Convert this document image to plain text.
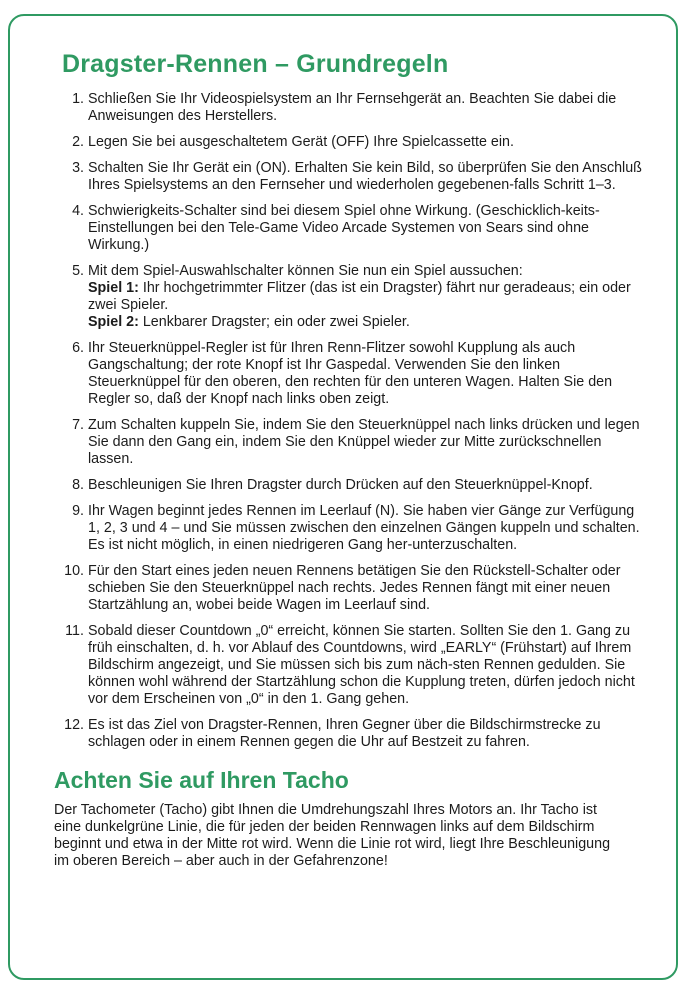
Dragster-Rennen – Grundregeln
1. Schließen Sie Ihr Videospielsystem an Ihr Fernsehgerät an. Beachten Sie dabei die Anweisungen des Herstellers.
2. Legen Sie bei ausgeschaltetem Gerät (OFF) Ihre Spielcassette ein.
3. Schalten Sie Ihr Gerät ein (ON). Erhalten Sie kein Bild, so überprüfen Sie den Anschluß Ihres Spielsystems an den Fernseher und wiederholen gegebenen-falls Schritt 1–3.
4. Schwierigkeits-Schalter sind bei diesem Spiel ohne Wirkung. (Geschicklich-keits-Einstellungen bei den Tele-Game Video Arcade Systemen von Sears sind ohne Wirkung.)
5. Mit dem Spiel-Auswahlschalter können Sie nun ein Spiel aussuchen:
Spiel 1: Ihr hochgetrimmter Flitzer (das ist ein Dragster) fährt nur geradeaus; ein oder zwei Spieler.
Spiel 2: Lenkbarer Dragster; ein oder zwei Spieler.
6. Ihr Steuerknüppel-Regler ist für Ihren Renn-Flitzer sowohl Kupplung als auch Gangschaltung; der rote Knopf ist Ihr Gaspedal. Verwenden Sie den linken Steuerknüppel für den oberen, den rechten für den unteren Wagen. Halten Sie den Regler so, daß der Knopf nach links oben zeigt.
7. Zum Schalten kuppeln Sie, indem Sie den Steuerknüppel nach links drücken und legen Sie dann den Gang ein, indem Sie den Knüppel wieder zur Mitte zurückschnellen lassen.
8. Beschleunigen Sie Ihren Dragster durch Drücken auf den Steuerknüppel-Knopf.
9. Ihr Wagen beginnt jedes Rennen im Leerlauf (N). Sie haben vier Gänge zur Verfügung 1, 2, 3 und 4 – und Sie müssen zwischen den einzelnen Gängen kuppeln und schalten. Es ist nicht möglich, in einen niedrigeren Gang her-unterzuschalten.
10. Für den Start eines jeden neuen Rennens betätigen Sie den Rückstell-Schalter oder schieben Sie den Steuerknüppel nach rechts. Jedes Rennen fängt mit einer neuen Startzählung an, wobei beide Wagen im Leerlauf sind.
11. Sobald dieser Countdown „0“ erreicht, können Sie starten. Sollten Sie den 1. Gang zu früh einschalten, d. h. vor Ablauf des Countdowns, wird „EARLY“ (Frühstart) auf Ihrem Bildschirm angezeigt, und Sie müssen sich bis zum näch-sten Rennen gedulden. Sie können wohl während der Startzählung schon die Kupplung treten, dürfen jedoch nicht vor dem Erscheinen von „0“ in den 1. Gang gehen.
12. Es ist das Ziel von Dragster-Rennen, Ihren Gegner über die Bildschirmstrecke zu schlagen oder in einem Rennen gegen die Uhr auf Bestzeit zu fahren.
Achten Sie auf Ihren Tacho

Der Tachometer (Tacho) gibt Ihnen die Umdrehungszahl Ihres Motors an. Ihr Tacho ist eine dunkelgrüne Linie, die für jeden der beiden Rennwagen links auf dem Bildschirm beginnt und etwa in der Mitte rot wird. Wenn die Linie rot wird, liegt Ihre Beschleunigung im oberen Bereich – aber auch in der Gefahrenzone!
